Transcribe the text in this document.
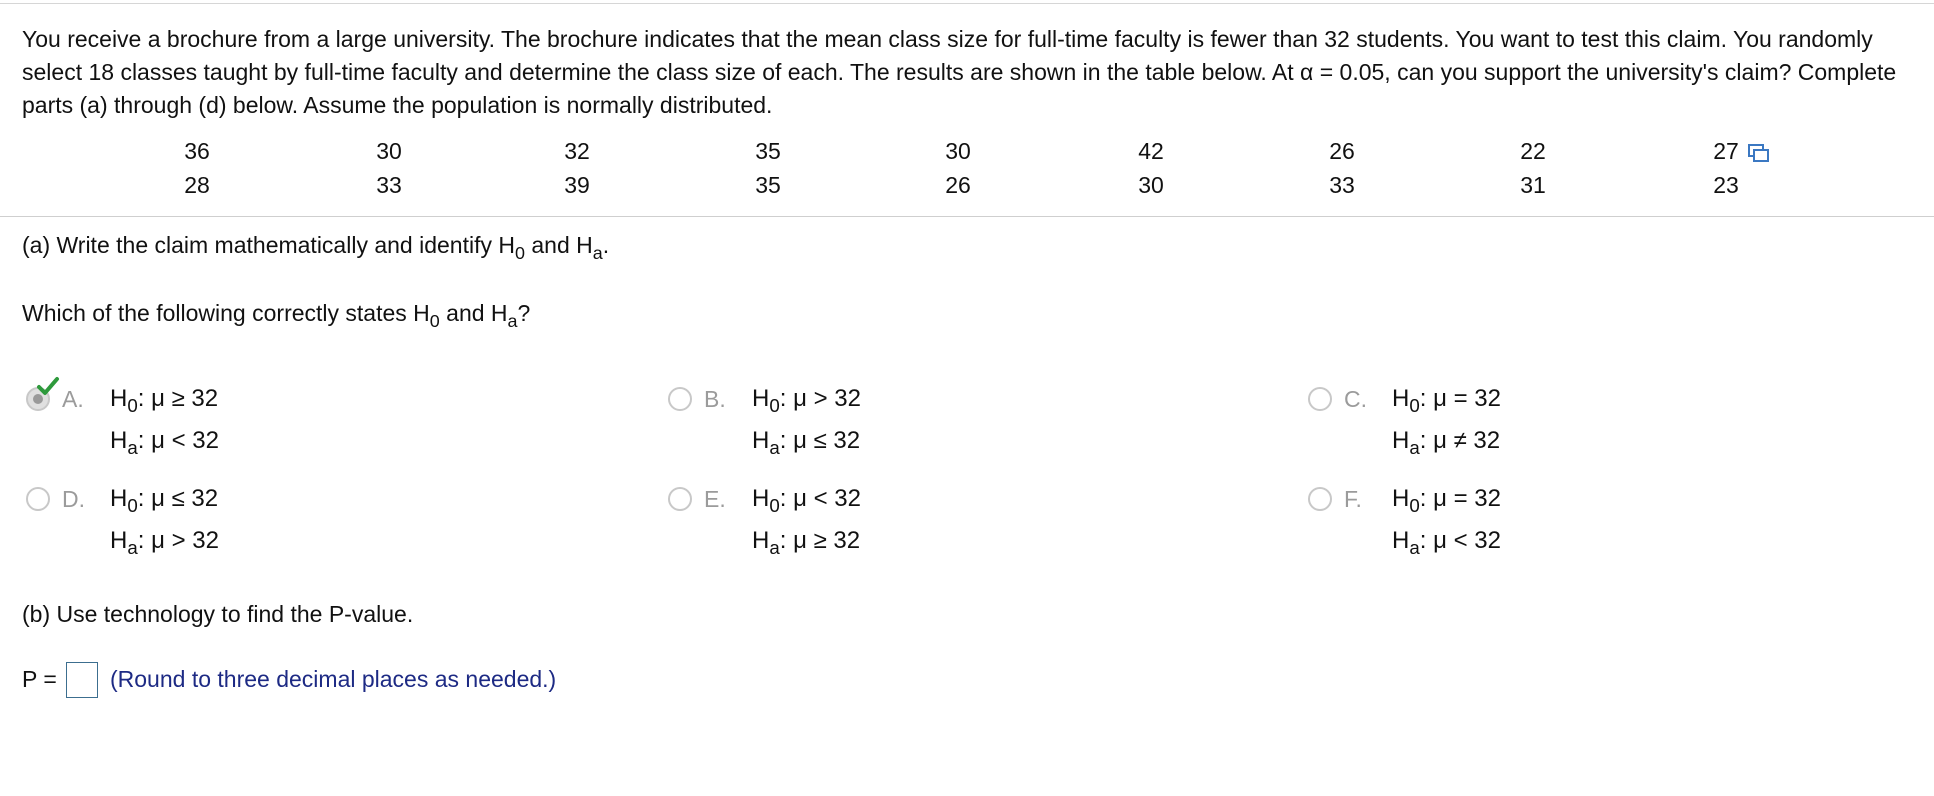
You receive a brochure from a large university. The brochure indicates that the mean class size for full-time faculty is fewer than 32 students. You want to test this claim. You randomly select 18 classes taught by full-time faculty and determine the class size of each. The results are shown in the table below. At α = 0.05, can you support the university's claim? Complete parts (a) through (d) below. Assume the population is normally distributed.
36	30	32	35	30	42	26	22	27
28	33	39	35	26	30	33	31	23
(a) Write the claim mathematically and identify $H_0$ and $H_a$.
Which of the following correctly states $H_0$ and $H_a$?
A. $H_0$: μ ≥ 32
$H_a$: μ < 32
B. $H_0$: μ > 32
$H_a$: μ ≤ 32
C. $H_0$: μ = 32
$H_a$: μ ≠ 32
D. $H_0$: μ ≤ 32
$H_a$: μ > 32
E. $H_0$: μ < 32
$H_a$: μ ≥ 32
F. $H_0$: μ = 32
$H_a$: μ < 32
(b) Use technology to find the P-value.
P = (Round to three decimal places as needed.)
